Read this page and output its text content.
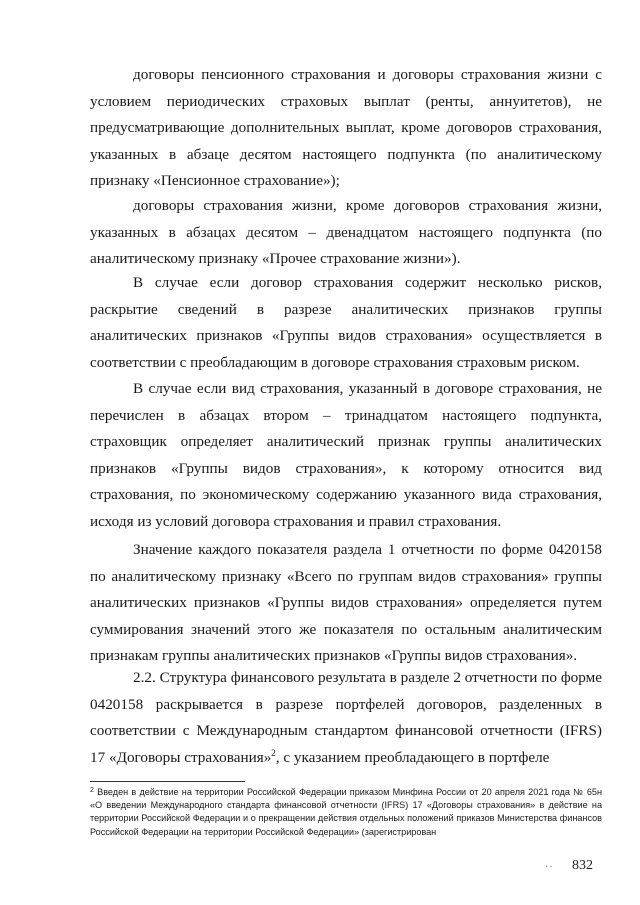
договоры пенсионного страхования и договоры страхования жизни с условием периодических страховых выплат (ренты, аннуитетов), не предусматривающие дополнительных выплат, кроме договоров страхования, указанных в абзаце десятом настоящего подпункта (по аналитическому признаку «Пенсионное страхование»);

договоры страхования жизни, кроме договоров страхования жизни, указанных в абзацах десятом – двенадцатом настоящего подпункта (по аналитическому признаку «Прочее страхование жизни»).

В случае если договор страхования содержит несколько рисков, раскрытие сведений в разрезе аналитических признаков группы аналитических признаков «Группы видов страхования» осуществляется в соответствии с преобладающим в договоре страхования страховым риском.

В случае если вид страхования, указанный в договоре страхования, не перечислен в абзацах втором – тринадцатом настоящего подпункта, страховщик определяет аналитический признак группы аналитических признаков «Группы видов страхования», к которому относится вид страхования, по экономическому содержанию указанного вида страхования, исходя из условий договора страхования и правил страхования.

Значение каждого показателя раздела 1 отчетности по форме 0420158 по аналитическому признаку «Всего по группам видов страхования» группы аналитических признаков «Группы видов страхования» определяется путем суммирования значений этого же показателя по остальным аналитическим признакам группы аналитических признаков «Группы видов страхования».

2.2. Структура финансового результата в разделе 2 отчетности по форме 0420158 раскрывается в разрезе портфелей договоров, разделенных в соответствии с Международным стандартом финансовой отчетности (IFRS) 17 «Договоры страхования»$^2$, с указанием преобладающего в портфеле

$^2$ Введен в действие на территории Российской Федерации приказом Минфина России от 20 апреля 2021 года № 65н «О введении Международного стандарта финансовой отчетности (IFRS) 17 «Договоры страхования» в действие на территории Российской Федерации и о прекращении действия отдельных положений приказов Министерства финансов Российской Федерации на территории Российской Федерации» (зарегистрирован

·· 832
